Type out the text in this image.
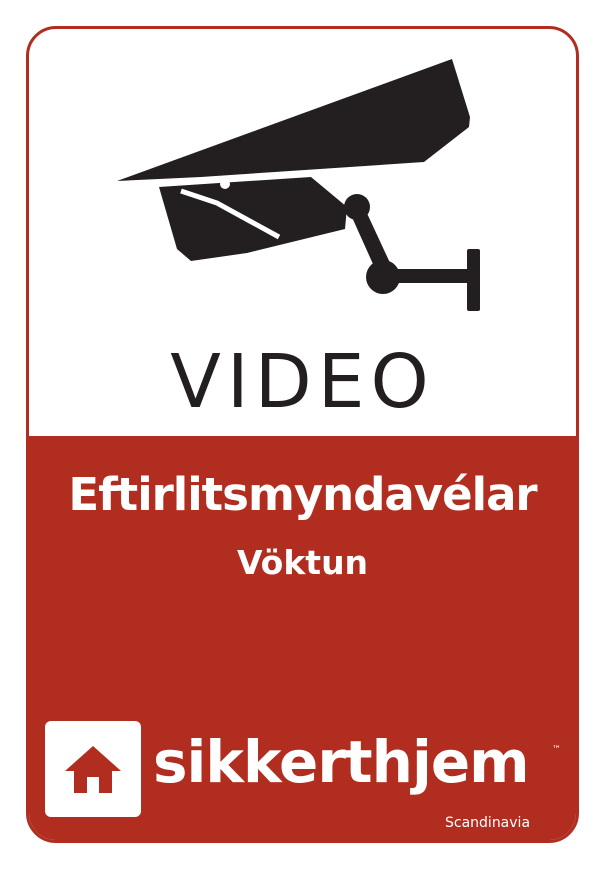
VIDEO
Eftirlitsmyndavélar
Vöktun
sikkerthjem	™
Scandinavia
